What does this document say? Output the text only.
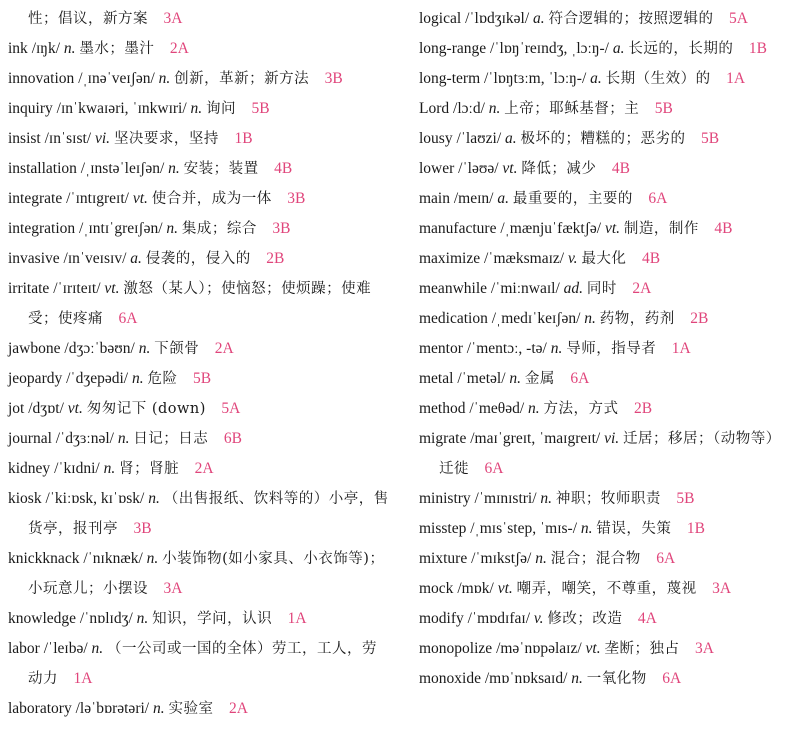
性；倡议，新方案  3A
ink /ɪŋk/ n. 墨水；墨汁  2A
innovation /ˌɪnəˈveɪʃən/ n. 创新，革新；新方法  3B
inquiry /ɪnˈkwaɪəri, ˈɪnkwɪri/ n. 询问  5B
insist /ɪnˈsɪst/ vi. 坚决要求，坚持  1B
installation /ˌɪnstəˈleɪʃən/ n. 安装；装置  4B
integrate /ˈɪntɪgreɪt/ vt. 使合并，成为一体  3B
integration /ˌɪntɪˈgreɪʃən/ n. 集成；综合  3B
invasive /ɪnˈveɪsɪv/ a. 侵袭的，侵入的  2B
irritate /ˈɪrɪteɪt/ vt. 激怒（某人）；使恼怒；使烦躁；使难受；使疼痛  6A
jawbone /dʒɔːˈbəʊn/ n. 下颌骨  2A
jeopardy /ˈdʒepədi/ n. 危险  5B
jot /dʒɒt/ vt. 匆匆记下 (down)  5A
journal /ˈdʒɜːnəl/ n. 日记；日志  6B
kidney /ˈkɪdni/ n. 肾；肾脏  2A
kiosk /ˈkiːɒsk, kɪˈɒsk/ n. （出售报纸、饮料等的）小亭，售货亭，报刊亭  3B
knickknack /ˈnɪknæk/ n. 小装饰物(如小家具、小衣饰等)；小玩意儿；小摆设  3A
knowledge /ˈnɒlɪdʒ/ n. 知识，学问，认识  1A
labor /ˈleɪbə/ n. （一公司或一国的全体）劳工，工人，劳动力  1A
laboratory /ləˈbɒrətəri/ n. 实验室  2A
logical /ˈlɒdʒɪkəl/ a. 符合逻辑的；按照逻辑的  5A
long-range /ˈlɒŋˈreɪndʒ, ˌlɔːŋ-/ a. 长远的，长期的  1B
long-term /ˈlɒŋtɜːm, ˈlɔːŋ-/ a. 长期（生效）的  1A
Lord /lɔːd/ n. 上帝；耶稣基督；主  5B
lousy /ˈlaʊzi/ a. 极坏的；糟糕的；恶劣的  5B
lower /ˈləʊə/ vt. 降低；减少  4B
main /meɪn/ a. 最重要的，主要的  6A
manufacture /ˌmænjuˈfæktʃə/ vt. 制造，制作  4B
maximize /ˈmæksmaɪz/ v. 最大化  4B
meanwhile /ˈmiːnwaɪl/ ad. 同时  2A
medication /ˌmedɪˈkeɪʃən/ n. 药物，药剂  2B
mentor /ˈmentɔː, -tə/ n. 导师，指导者  1A
metal /ˈmetəl/ n. 金属  6A
method /ˈmeθəd/ n. 方法，方式  2B
migrate /maɪˈgreɪt, ˈmaɪgreɪt/ vi. 迁居；移居；（动物等）迁徙  6A
ministry /ˈmɪnɪstri/ n. 神职；牧师职责  5B
misstep /ˌmɪsˈstep, ˈmɪs-/ n. 错误，失策  1B
mixture /ˈmɪkstʃə/ n. 混合；混合物  6A
mock /mɒk/ vt. 嘲弄，嘲笑，不尊重，蔑视  3A
modify /ˈmɒdɪfaɪ/ v. 修改；改造  4A
monopolize /məˈnɒpəlaɪz/ vt. 垄断；独占  3A
monoxide /mɒˈnɒksaɪd/ n. 一氧化物  6A
